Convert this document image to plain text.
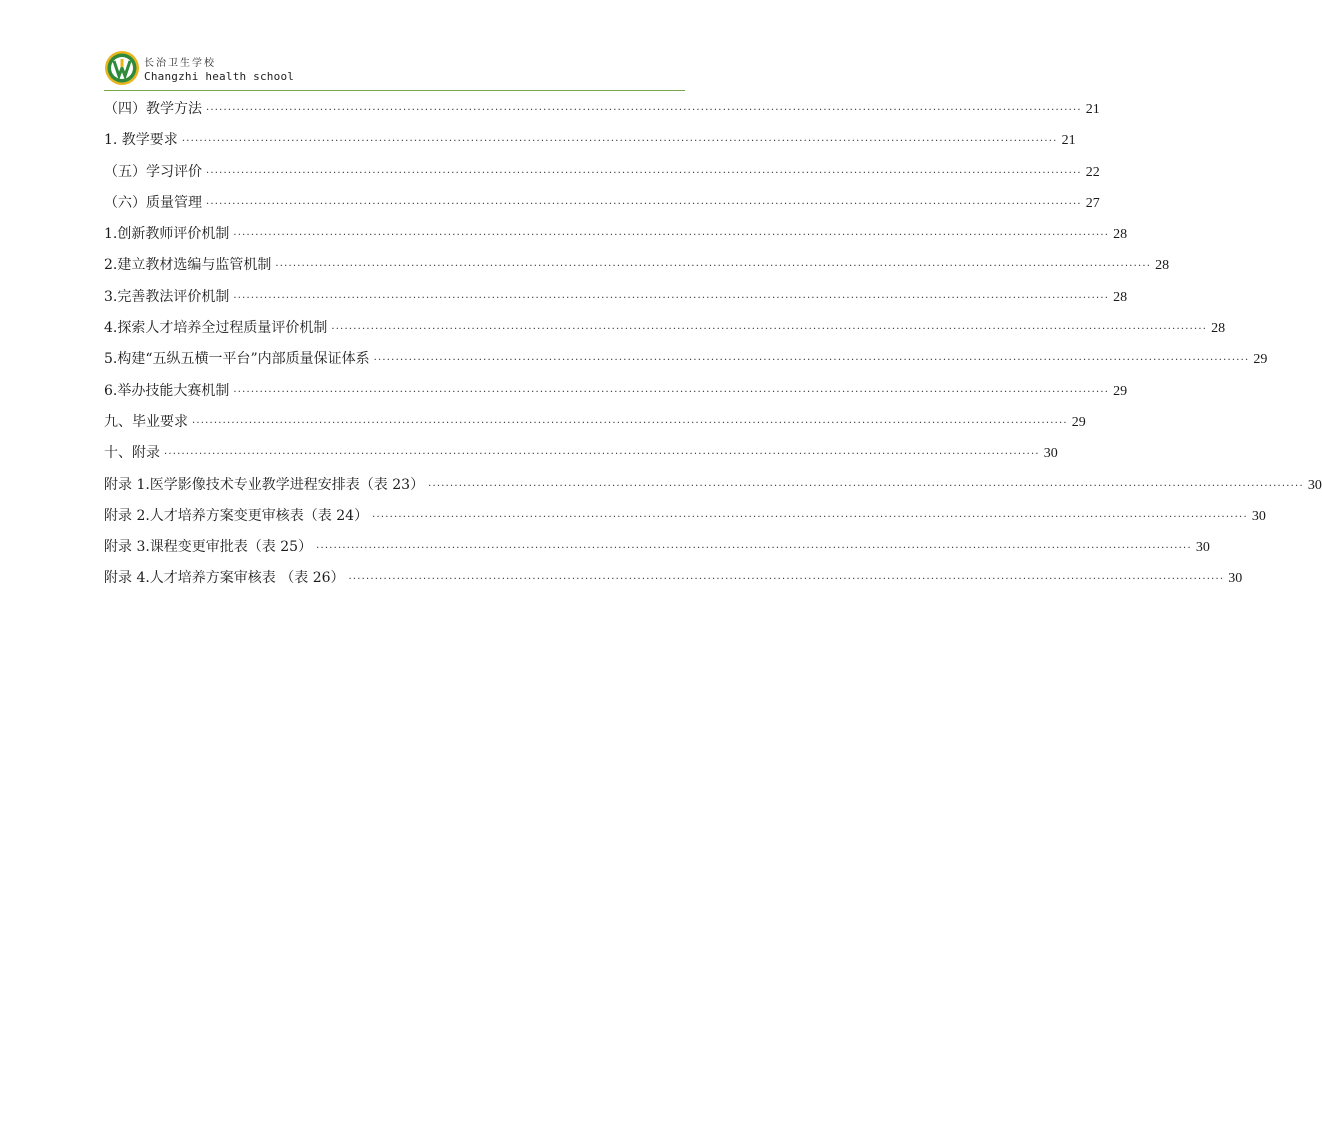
长治卫生学校
Changzhi health school
（四）教学方法 ········································································································································································································ 21
1. 教学要求 ········································································································································································································ 21
（五）学习评价 ········································································································································································································ 22
（六）质量管理 ········································································································································································································ 27
1.创新教师评价机制 ········································································································································································································ 28
2.建立教材选编与监管机制 ········································································································································································································ 28
3.完善教法评价机制 ········································································································································································································ 28
4.探索人才培养全过程质量评价机制 ········································································································································································································ 28
5.构建“五纵五横一平台”内部质量保证体系 ········································································································································································································ 29
6.举办技能大赛机制 ········································································································································································································ 29
九、毕业要求 ········································································································································································································ 29
十、附录 ········································································································································································································ 30
附录 1.医学影像技术专业教学进程安排表（表 23） ········································································································································································································ 30
附录 2.人才培养方案变更审核表（表 24） ········································································································································································································ 30
附录 3.课程变更审批表（表 25） ········································································································································································································ 30
附录 4.人才培养方案审核表 （表 26） ········································································································································································································ 30
